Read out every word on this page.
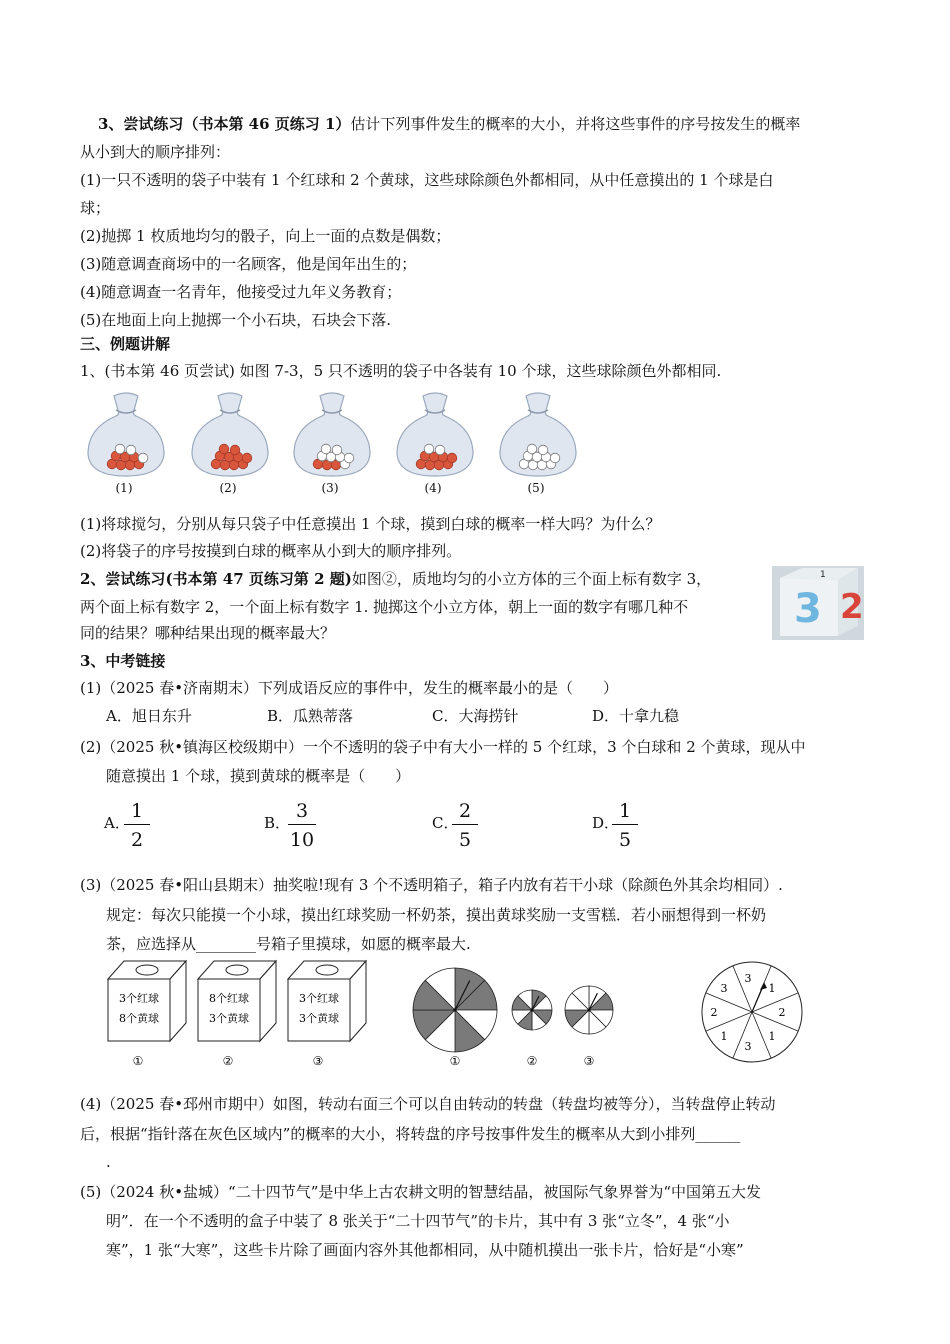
3、尝试练习（书本第 46 页练习 1）估计下列事件发生的概率的大小，并将这些事件的序号按发生的概率
从小到大的顺序排列：
(1)一只不透明的袋子中装有 1 个红球和 2 个黄球，这些球除颜色外都相同，从中任意摸出的 1 个球是白
球；
(2)抛掷 1 枚质地均匀的骰子，向上一面的点数是偶数；
(3)随意调查商场中的一名顾客，他是闰年出生的；
(4)随意调查一名青年，他接受过九年义务教育；
(5)在地面上向上抛掷一个小石块，石块会下落.
三、例题讲解
1、(书本第 46 页尝试) 如图 7-3，5 只不透明的袋子中各装有 10 个球，这些球除颜色外都相同.
(1)	(2)	(3)	(4)	(5)
(1)将球搅匀，分别从每只袋子中任意摸出 1 个球，摸到白球的概率一样大吗？为什么？
(2)将袋子的序号按摸到白球的概率从小到大的顺序排列。
2、尝试练习(书本第 47 页练习第 2 题)如图②，质地均匀的小立方体的三个面上标有数字 3，
两个面上标有数字 2，一个面上标有数字 1. 抛掷这个小立方体，朝上一面的数字有哪几种不
同的结果？哪种结果出现的概率最大？
1
3 2
3、中考链接
(1)（2025 春•济南期末）下列成语反应的事件中，发生的概率最小的是（　　）
A．旭日东升	B．瓜熟蒂落	C．大海捞针	D．十拿九稳
(2)（2025 秋•镇海区校级期中）一个不透明的袋子中有大小一样的 5 个红球，3 个白球和 2 个黄球，现从中
随意摸出 1 个球，摸到黄球的概率是（　　）
A．
$\frac{1}{2}$	B．
$\frac{3}{10}$	C．
$\frac{2}{5}$	D．
$\frac{1}{5}$
(3)（2025 春•阳山县期末）抽奖啦!现有 3 个不透明箱子，箱子内放有若干小球（除颜色外其余均相同）.
规定：每次只能摸一个小球，摸出红球奖励一杯奶茶，摸出黄球奖励一支雪糕．若小丽想得到一杯奶
茶，应选择从________号箱子里摸球，如愿的概率最大.
3个红球
8个黄球
①
8个红球
3个黄球
②
3个红球
3个黄球
③	①	②	③
3
1
2
1
3
1
2
3
(4)（2025 春•邳州市期中）如图，转动右面三个可以自由转动的转盘（转盘均被等分），当转盘停止转动
后，根据“指针落在灰色区域内”的概率的大小，将转盘的序号按事件发生的概率从大到小排列______
.
(5)（2024 秋•盐城）“二十四节气”是中华上古农耕文明的智慧结晶，被国际气象界誉为“中国第五大发
明”．在一个不透明的盒子中装了 8 张关于“二十四节气”的卡片，其中有 3 张“立冬”，4 张“小
寒”，1 张“大寒”，这些卡片除了画面内容外其他都相同，从中随机摸出一张卡片，恰好是“小寒”
